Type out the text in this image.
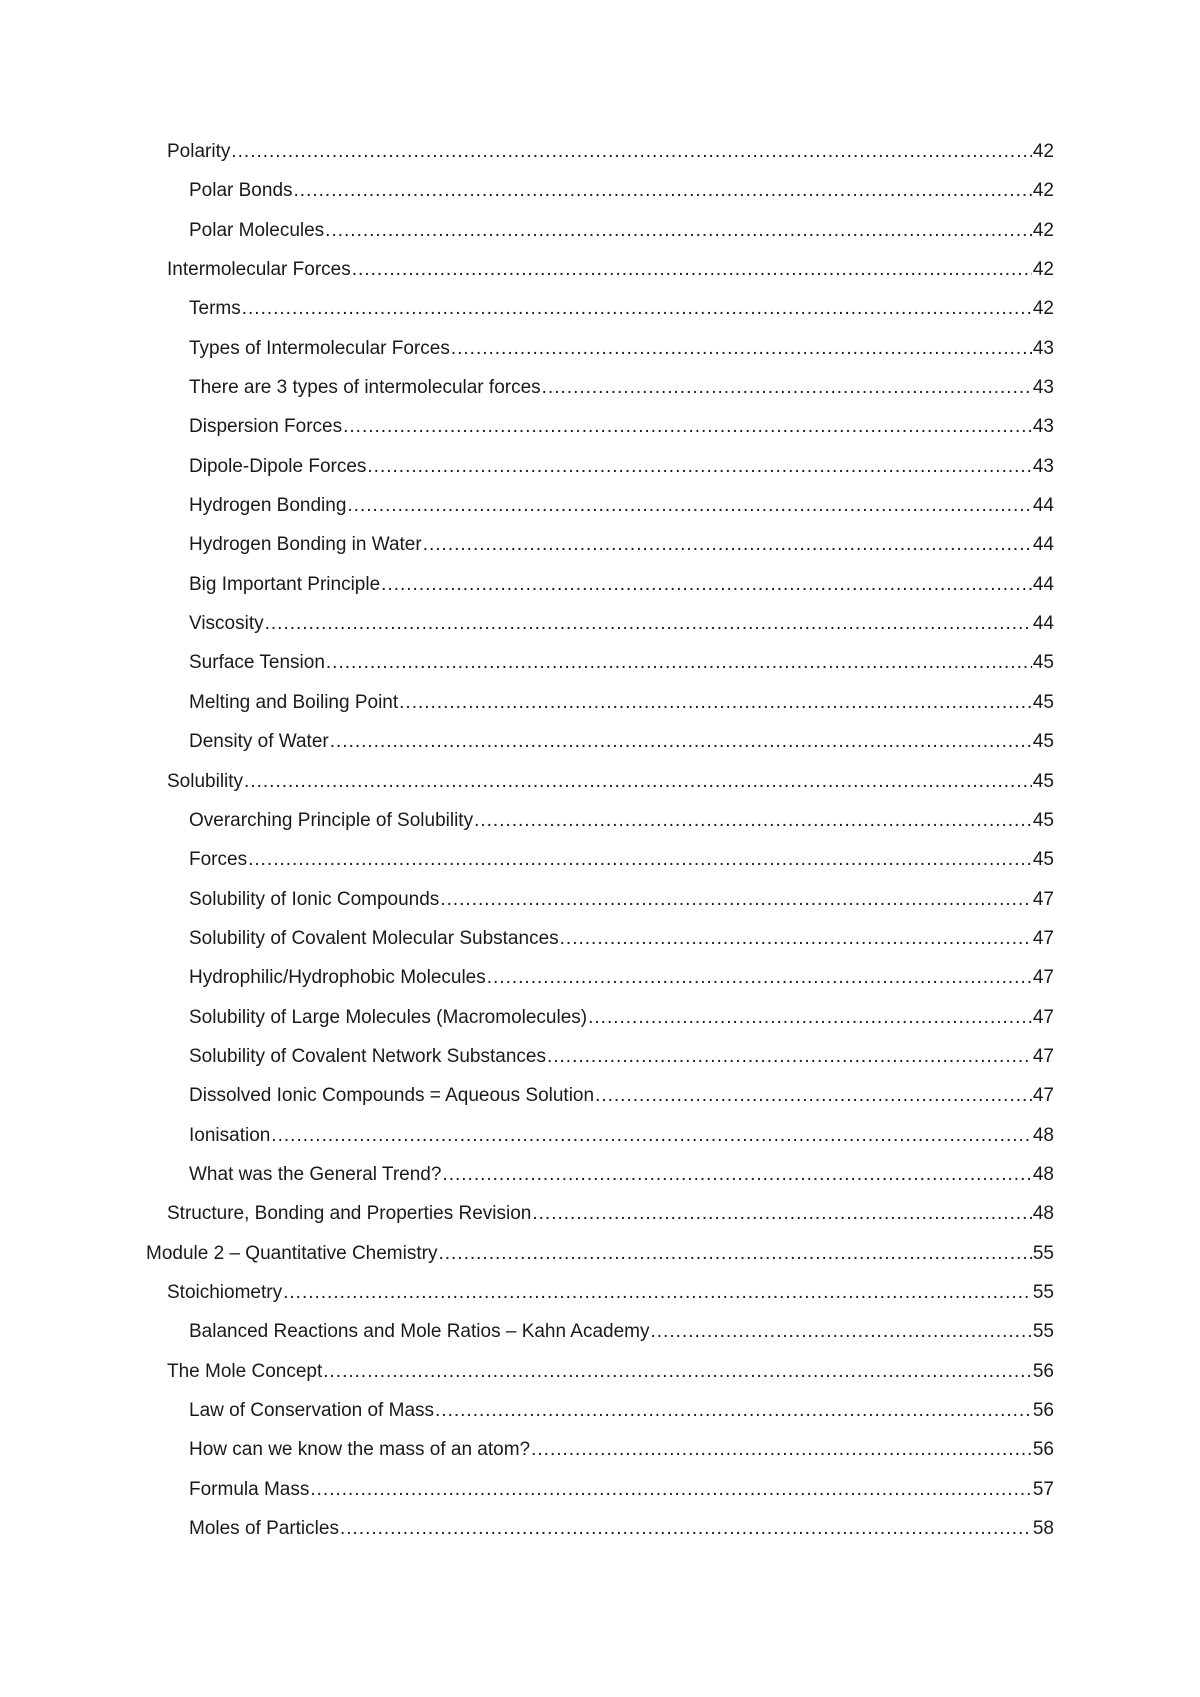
Polarity .....	42
Polar Bonds .....	42
Polar Molecules .....	42
Intermolecular Forces .....	42
Terms .....	42
Types of Intermolecular Forces .....	43
There are 3 types of intermolecular forces .....	43
Dispersion Forces .....	43
Dipole-Dipole Forces .....	43
Hydrogen Bonding .....	44
Hydrogen Bonding in Water .....	44
Big Important Principle .....	44
Viscosity .....	44
Surface Tension .....	45
Melting and Boiling Point .....	45
Density of Water .....	45
Solubility .....	45
Overarching Principle of Solubility .....	45
Forces .....	45
Solubility of Ionic Compounds .....	47
Solubility of Covalent Molecular Substances .....	47
Hydrophilic/Hydrophobic Molecules .....	47
Solubility of Large Molecules (Macromolecules) .....	47
Solubility of Covalent Network Substances .....	47
Dissolved Ionic Compounds = Aqueous Solution .....	47
Ionisation .....	48
What was the General Trend? .....	48
Structure, Bonding and Properties Revision .....	48
Module 2 – Quantitative Chemistry .....	55
Stoichiometry .....	55
Balanced Reactions and Mole Ratios – Kahn Academy .....	55
The Mole Concept .....	56
Law of Conservation of Mass .....	56
How can we know the mass of an atom? .....	56
Formula Mass .....	57
Moles of Particles .....	58
